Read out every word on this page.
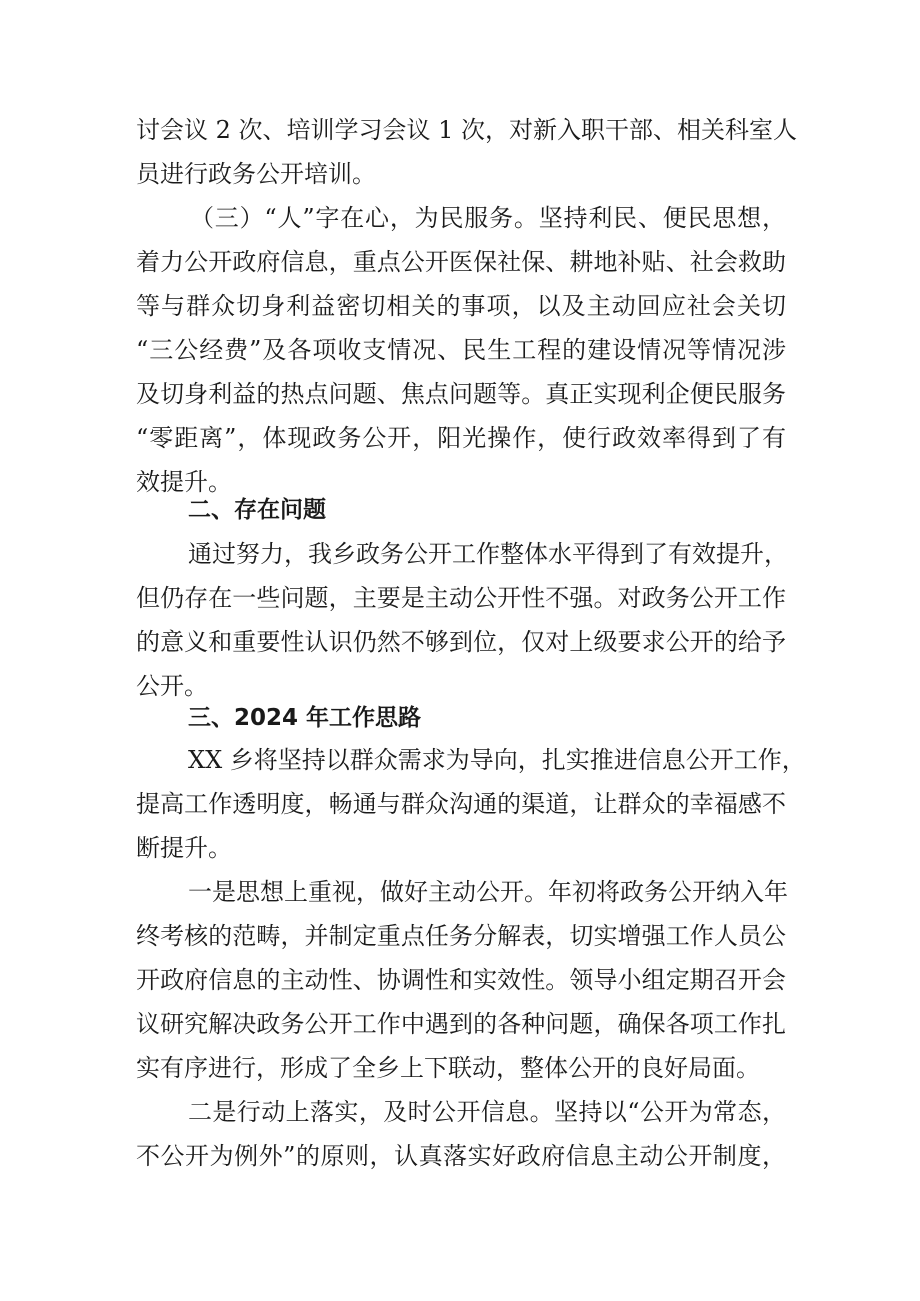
讨会议 2 次、培训学习会议 1 次，对新入职干部、相关科室人
员进行政务公开培训。
（三）“人”字在心，为民服务。坚持利民、便民思想，
着力公开政府信息，重点公开医保社保、耕地补贴、社会救助
等与群众切身利益密切相关的事项，以及主动回应社会关切
“三公经费”及各项收支情况、民生工程的建设情况等情况涉
及切身利益的热点问题、焦点问题等。真正实现利企便民服务
“零距离”，体现政务公开，阳光操作，使行政效率得到了有
效提升。
二、存在问题
通过努力，我乡政务公开工作整体水平得到了有效提升，
但仍存在一些问题，主要是主动公开性不强。对政务公开工作
的意义和重要性认识仍然不够到位，仅对上级要求公开的给予
公开。
三、2024 年工作思路
XX 乡将坚持以群众需求为导向，扎实推进信息公开工作，
提高工作透明度，畅通与群众沟通的渠道，让群众的幸福感不
断提升。
一是思想上重视，做好主动公开。年初将政务公开纳入年
终考核的范畴，并制定重点任务分解表，切实增强工作人员公
开政府信息的主动性、协调性和实效性。领导小组定期召开会
议研究解决政务公开工作中遇到的各种问题，确保各项工作扎
实有序进行，形成了全乡上下联动，整体公开的良好局面。
二是行动上落实，及时公开信息。坚持以“公开为常态，
不公开为例外”的原则，认真落实好政府信息主动公开制度，
